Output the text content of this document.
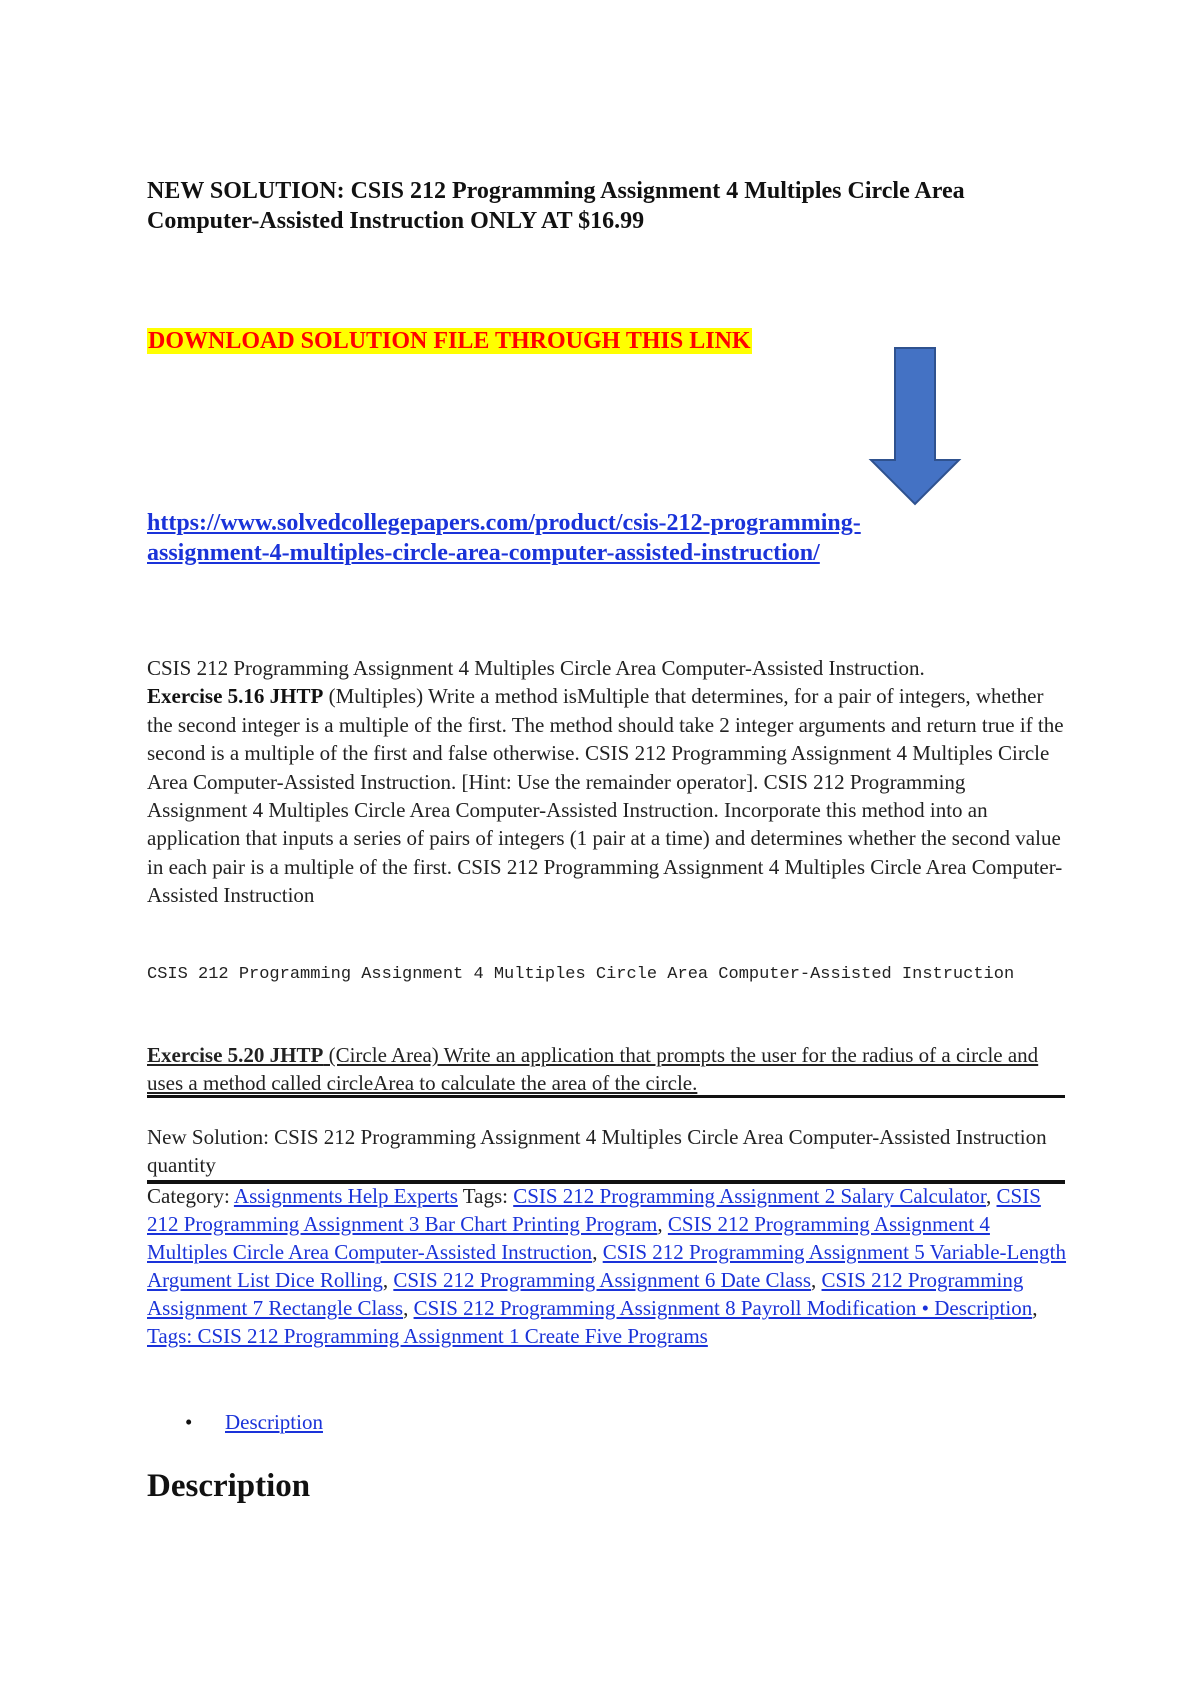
NEW SOLUTION: CSIS 212 Programming Assignment 4 Multiples Circle Area Computer-Assisted Instruction ONLY AT $16.99
DOWNLOAD SOLUTION FILE THROUGH THIS LINK
https://www.solvedcollegepapers.com/product/csis-212-programming-
assignment-4-multiples-circle-area-computer-assisted-instruction/
CSIS 212 Programming Assignment 4 Multiples Circle Area Computer-Assisted Instruction.
Exercise 5.16 JHTP (Multiples) Write a method isMultiple that determines, for a pair of integers, whether the second integer is a multiple of the first. The method should take 2 integer arguments and return true if the second is a multiple of the first and false otherwise. CSIS 212 Programming Assignment 4 Multiples Circle Area Computer-Assisted Instruction. [Hint: Use the remainder operator]. CSIS 212 Programming Assignment 4 Multiples Circle Area Computer-Assisted Instruction. Incorporate this method into an application that inputs a series of pairs of integers (1 pair at a time) and determines whether the second value in each pair is a multiple of the first. CSIS 212 Programming Assignment 4 Multiples Circle Area Computer-Assisted Instruction
CSIS 212 Programming Assignment 4 Multiples Circle Area Computer-Assisted Instruction
Exercise 5.20 JHTP (Circle Area) Write an application that prompts the user for the radius of a circle and uses a method called circleArea to calculate the area of the circle.
New Solution: CSIS 212 Programming Assignment 4 Multiples Circle Area Computer-Assisted Instruction quantity
Category: Assignments Help Experts Tags: CSIS 212 Programming Assignment 2 Salary Calculator, CSIS 212 Programming Assignment 3 Bar Chart Printing Program, CSIS 212 Programming Assignment 4 Multiples Circle Area Computer-Assisted Instruction, CSIS 212 Programming Assignment 5 Variable-Length Argument List Dice Rolling, CSIS 212 Programming Assignment 6 Date Class, CSIS 212 Programming Assignment 7 Rectangle Class, CSIS 212 Programming Assignment 8 Payroll Modification • Description, Tags: CSIS 212 Programming Assignment 1 Create Five Programs
• Description
Description
